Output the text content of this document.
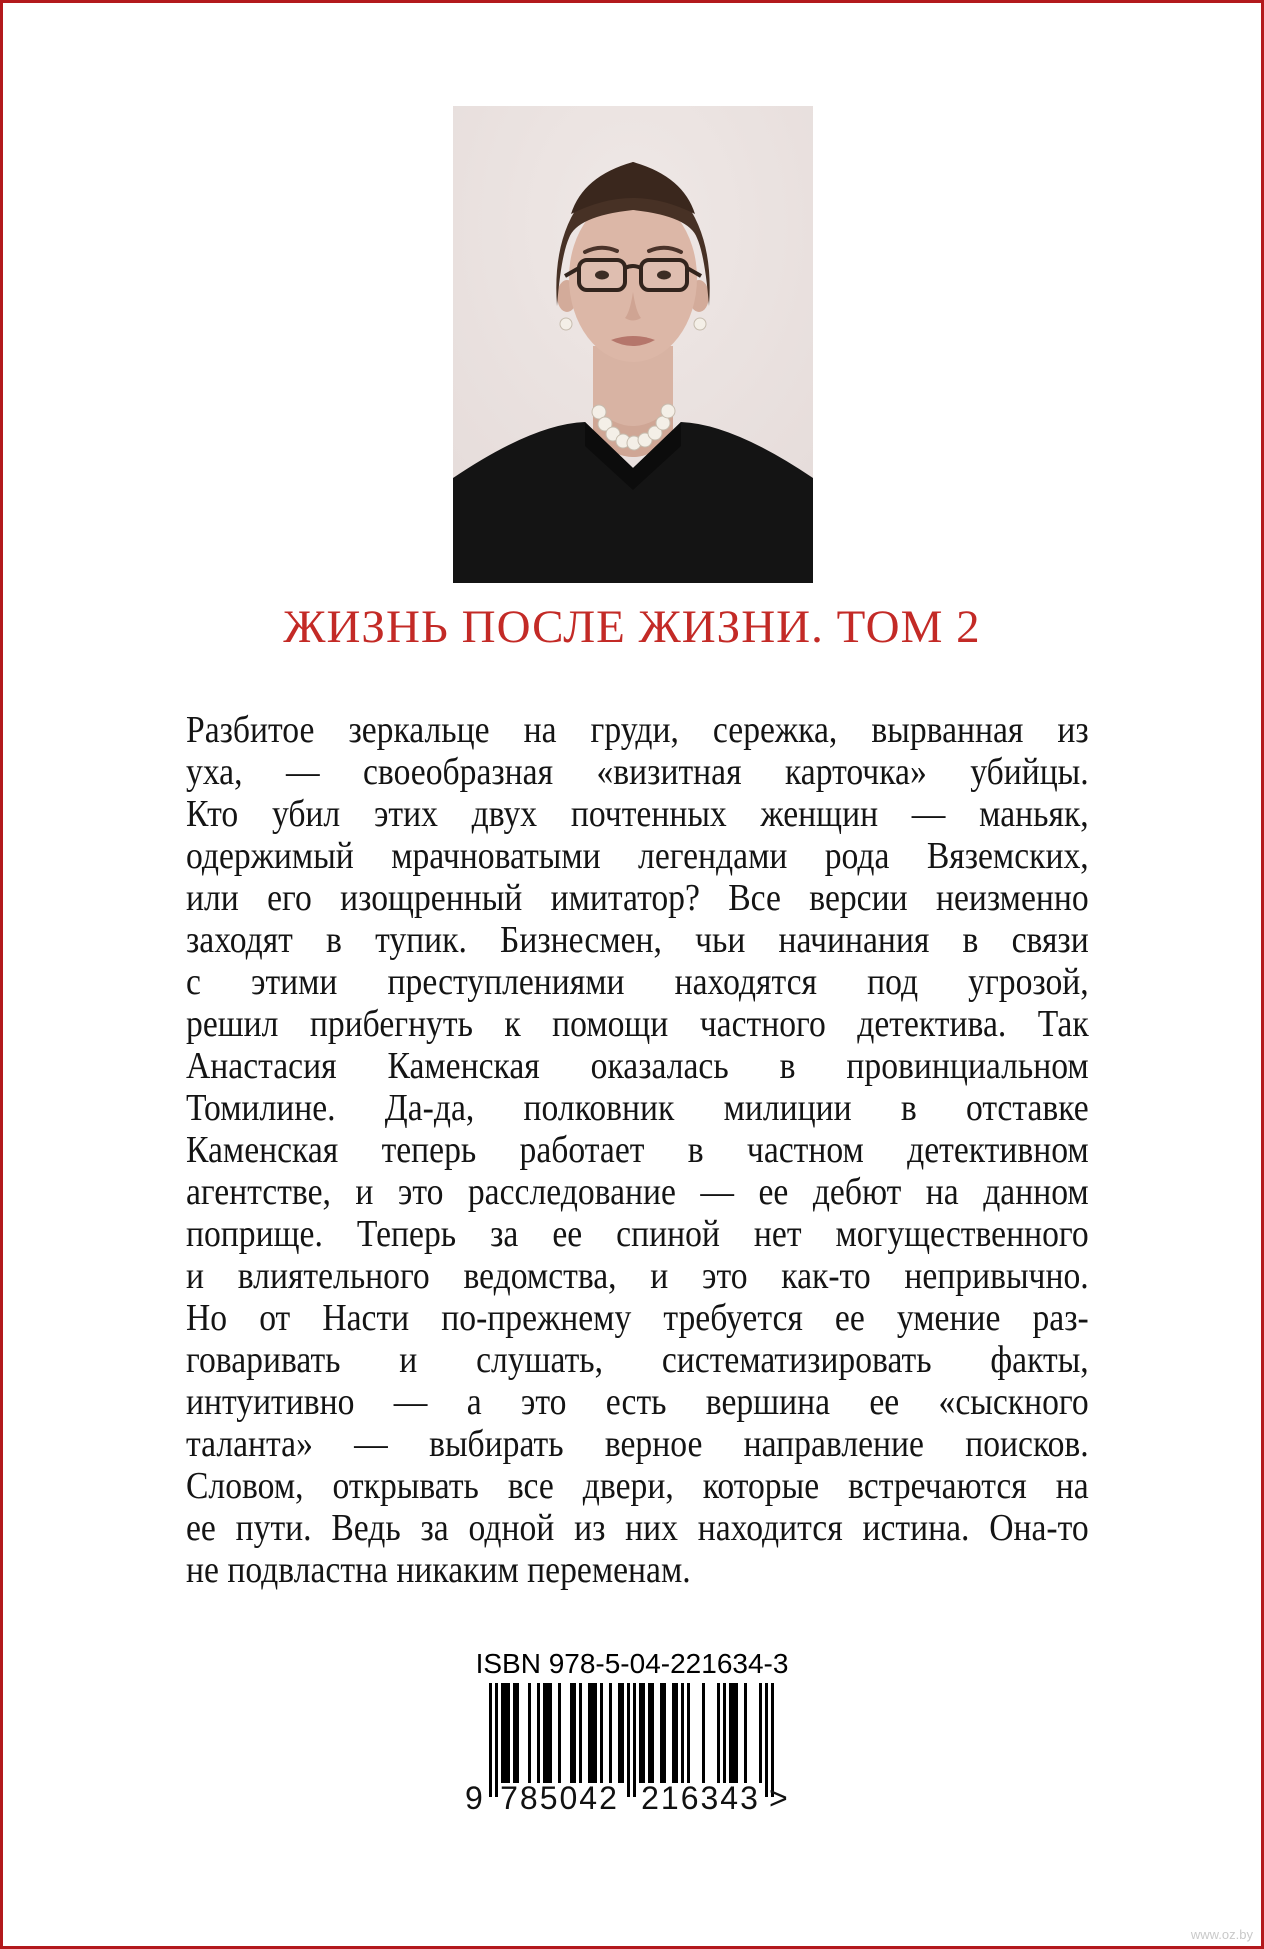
ЖИЗНЬ ПОСЛЕ ЖИЗНИ. ТОМ 2
Разбитое зеркальце на груди, сережка, вырванная из
уха, — своеобразная «визитная карточка» убийцы.
Кто убил этих двух почтенных женщин — маньяк,
одержимый мрачноватыми легендами рода Вяземских,
или его изощренный имитатор? Все версии неизменно
заходят в тупик. Бизнесмен, чьи начинания в связи
с этими преступлениями находятся под угрозой,
решил прибегнуть к помощи частного детектива. Так
Анастасия Каменская оказалась в провинциальном
Томилине. Да-да, полковник милиции в отставке
Каменская теперь работает в частном детективном
агентстве, и это расследование — ее дебют на данном
поприще. Теперь за ее спиной нет могущественного
и влиятельного ведомства, и это как-то непривычно.
Но от Насти по-прежнему требуется ее умение раз-
говаривать и слушать, систематизировать факты,
интуитивно — а это есть вершина ее «сыскного
таланта» — выбирать верное направление поисков.
Словом, открывать все двери, которые встречаются на
ее пути. Ведь за одной из них находится истина. Она-то
не подвластна никаким переменам.
ISBN 978-5-04-221634-3
9 785042 216343 >
www.oz.by
